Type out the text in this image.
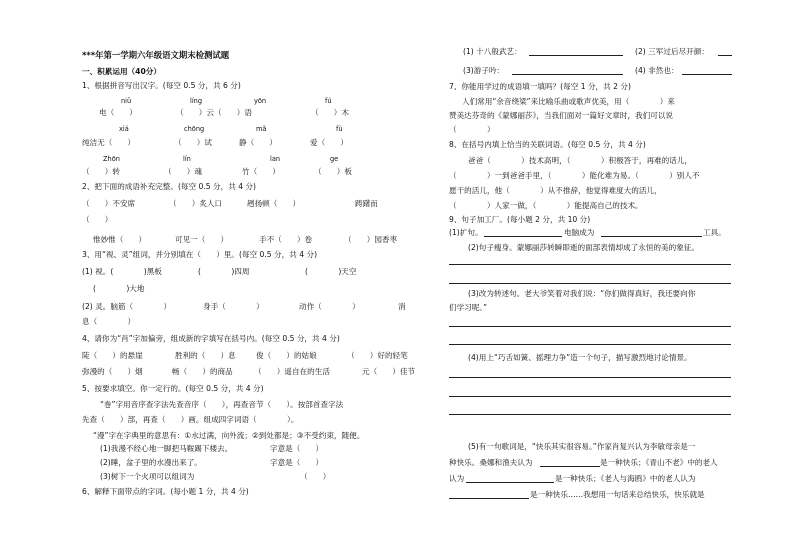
***年第一学期六年级语文期末检测试题
一、积累运用（40分）
1、根据拼音写出汉字。(每空 0.5 分，共 6 分)
niǔ	líng	yōn	fú
电（　　）	（　　）云（　　）语	（　　）木
xiá	chōng	mǎ	fù
纯洁无（　　）	（　　）试	静（　　）	爱（　　）
Zhōn	lín	lan	ge
（　　）转	（　　）魂	竹（　　）	（　　）板
2、把下面的成语补充完整。(每空 0.5 分，共 4 分)
（　　）不安席	（　　）炙人口	趔扬顿（　　）	踌躇而
（　　）
惟妙惟（　　）	可见一（　　）	手不（　　）卷	（　　）园香枣
3、用“视、灵”组词，并分别填在（　　）里。(每空 0.5 分，共 4 分)
(1) 视。(　　　　)黑板	(　　　　)四周	(　　　　)天空
(　　　　)大地
(2) 灵。脑筋（　　　　）	身手（　　　　）	动作（　　　　）	消
息（　　　　）
4、请你为“肖”字加偏旁，组成新的字填写在括号内。(每空 0.5 分，共 4 分)
陡（　　）的悬崖	胜利的（　　）息	俊（　　）的姑娘	（　　）好的轻笔
弥漫的（　　）烟	畅（　　）的商品	（　　）遥自在的生活	元（　　）佳节
5、按要求填空。你一定行的。(每空 0.5 分，共 4 分)
“巻”字用音序查字法先查音序（　　），再查音节（　　）。按部首查字法
先查（　　）部，再查（　　）画。组成四字词语（　　　　）。
“漫”字在字典里的意思有：①水过满，向外流；②到处都是；③不受约束，随便。
(1)我漫不经心地一脚把马鞍踢下楼去。	字意是（　　）
(2)睡，盆子里的水漫出来了。	字意是（　　）
(3)树下一个火项可以组词为	（　　）
6、解释下面带点的字词。(每小题 1 分，共 4 分)
(1) 十八般武艺：	(2) 三军过后尽开颜：
(3)游子吟：	(4) 非然也：
7、你能用学过的成语填一填吗？(每空 1 分，共 2 分)
人们常用“余音绕梁”来比喻乐曲或歌声优美，用（　　　　）来
赞美达芬奇的《蒙娜丽莎》，当我们面对一篇好文章时，我们可以说
（　　　　）
8、在括号内填上恰当的关联词语。(每空 0.5 分，共 4 分)
爸爸（　　　　）技术高明，（　　　　）积极答于，再难的话儿，
（　　　　）一到爸爸手里，（　　　　）能化难为易。（　　　　）别人不
愿干的活儿，他（　　　　）从不推辞，他觉得难度大的活儿，
（　　　　）人家一做，（　　　　）能提高自己的技术。
9、句子加工厂。(每小题 2 分，共 10 分)
(1)扩句。	电脑成为	工具。
(2)句子瘦身。蒙娜丽莎转瞬即逝的面部表情却成了永恒的美的象征。
(3)改为转述句。老大爷笑着对我们说：“你们做得真好，我还要向你
们学习呢。”
(4)用上“巧舌如簧、摇理力争”造一个句子，描写激烈地讨论情景。
(5)有一句歌词是，“快乐其实很容易。”作家肖复兴认为李敏母亲是一
种快乐。桑娜和渔夫认为	是一种快乐；《青山不老》中的老人
认为	是一种快乐；《老人与海鸥》中的老人认为
是一种快乐……我想用一句话来总结快乐，快乐就是
